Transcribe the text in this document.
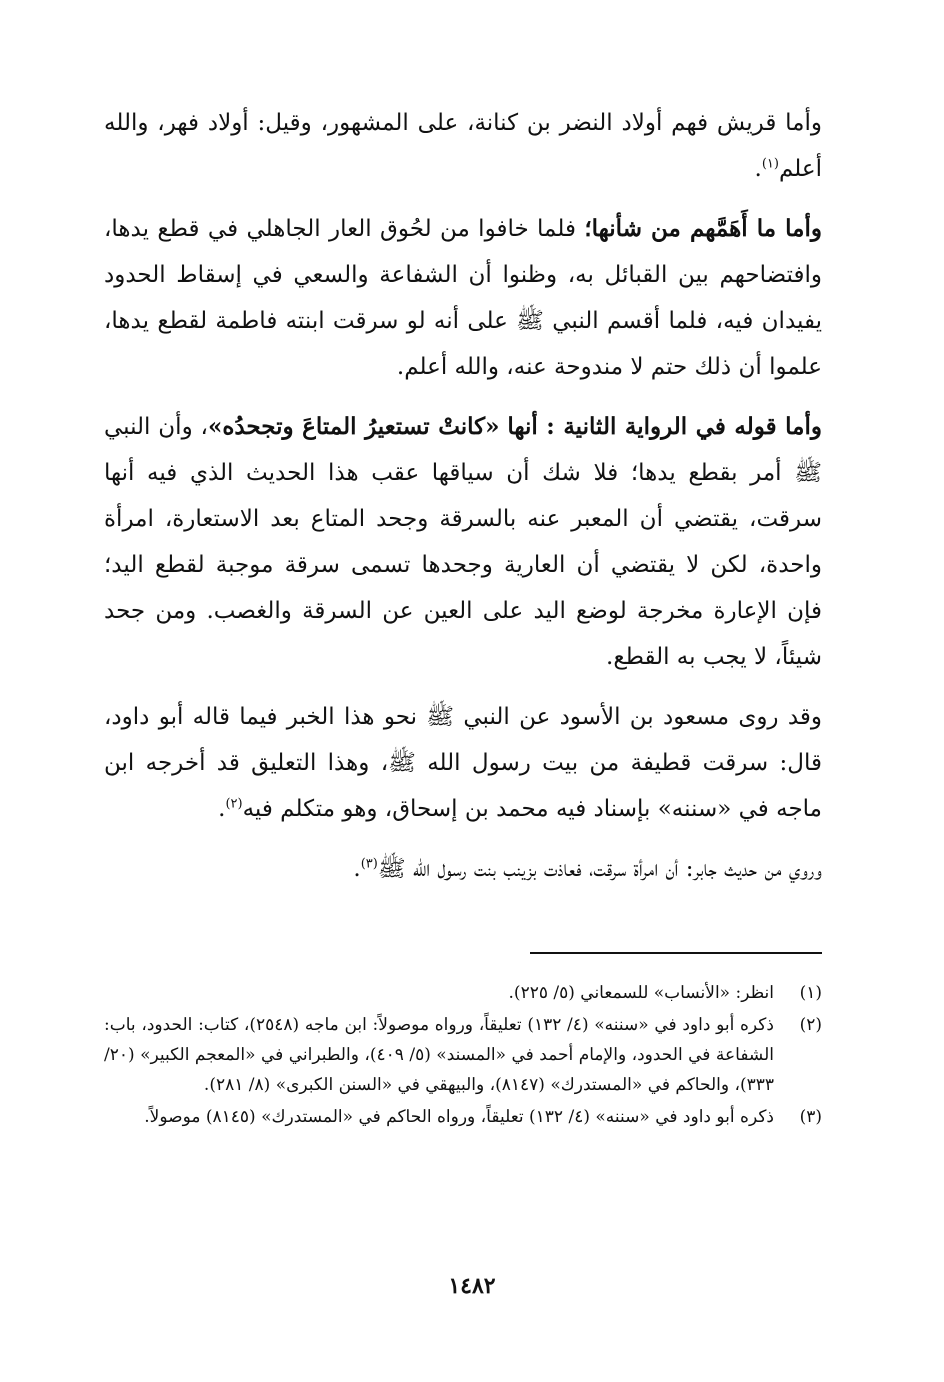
وأما قريش فهم أولاد النضر بن كنانة، على المشهور، وقيل: أولاد فهر، والله أعلم$^{(١)}$.

وأما ما أَهَمَّهم من شأنها؛ فلما خافوا من لحُوق العار الجاهلي في قطع يدها، وافتضاحهم بين القبائل به، وظنوا أن الشفاعة والسعي في إسقاط الحدود يفيدان فيه، فلما أقسم النبي ﷺ على أنه لو سرقت ابنته فاطمة لقطع يدها، علموا أن ذلك حتم لا مندوحة عنه، والله أعلم.

وأما قوله في الرواية الثانية : أنها «كانتْ تستعيرُ المتاعَ وتجحدُه»، وأن النبي ﷺ أمر بقطع يدها؛ فلا شك أن سياقها عقب هذا الحديث الذي فيه أنها سرقت، يقتضي أن المعبر عنه بالسرقة وجحد المتاع بعد الاستعارة، امرأة واحدة، لكن لا يقتضي أن العارية وجحدها تسمى سرقة موجبة لقطع اليد؛ فإن الإعارة مخرجة لوضع اليد على العين عن السرقة والغصب. ومن جحد شيئاً، لا يجب به القطع.

وقد روى مسعود بن الأسود عن النبي ﷺ نحو هذا الخبر فيما قاله أبو داود، قال: سرقت قطيفة من بيت رسول الله ﷺ، وهذا التعليق قد أخرجه ابن ماجه في «سننه» بإسناد فيه محمد بن إسحاق، وهو متكلم فيه$^{(٢)}$.

وروي من حديث جابر: أن امرأة سرقت، فعاذت بزينب بنت رسول الله ﷺ$^{(٣)}$.

(١)
انظر: «الأنساب» للسمعاني (٥/ ٢٢٥).
(٢)
ذكره أبو داود في «سننه» (٤/ ١٣٢) تعليقاً، ورواه موصولاً: ابن ماجه (٢٥٤٨)، كتاب: الحدود، باب: الشفاعة في الحدود، والإمام أحمد في «المسند» (٥/ ٤٠٩)، والطبراني في «المعجم الكبير» (٢٠/ ٣٣٣)، والحاكم في «المستدرك» (٨١٤٧)، والبيهقي في «السنن الكبرى» (٨/ ٢٨١).
(٣)
ذكره أبو داود في «سننه» (٤/ ١٣٢) تعليقاً، ورواه الحاكم في «المستدرك» (٨١٤٥) موصولاً.
١٤٨٢
